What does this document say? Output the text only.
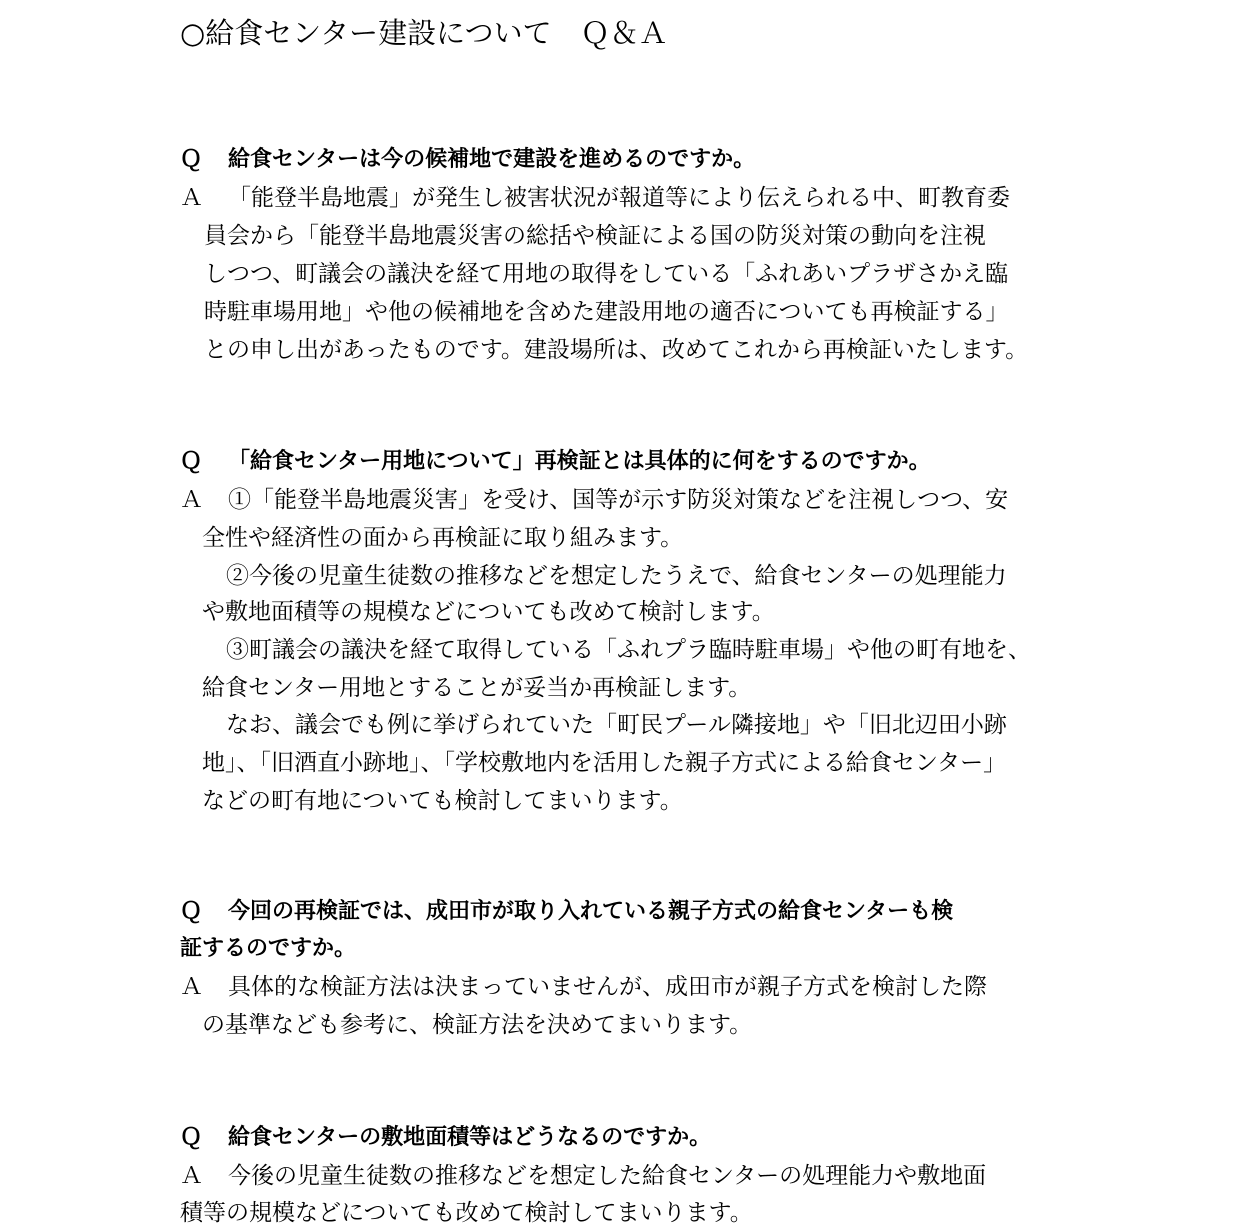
○給食センター建設について　Ｑ＆Ａ
Ｑ 給食センターは今の候補地で建設を進めるのですか。
Ａ 「能登半島地震」が発生し被害状況が報道等により伝えられる中、町教育委
員会から「能登半島地震災害の総括や検証による国の防災対策の動向を注視
しつつ、町議会の議決を経て用地の取得をしている「ふれあいプラザさかえ臨
時駐車場用地」や他の候補地を含めた建設用地の適否についても再検証する」
との申し出があったものです。建設場所は、改めてこれから再検証いたします。
Ｑ 「給食センター用地について」再検証とは具体的に何をするのですか。
Ａ ①「能登半島地震災害」を受け、国等が示す防災対策などを注視しつつ、安
全性や経済性の面から再検証に取り組みます。
②今後の児童生徒数の推移などを想定したうえで、給食センターの処理能力
や敷地面積等の規模などについても改めて検討します。
③町議会の議決を経て取得している「ふれプラ臨時駐車場」や他の町有地を、
給食センター用地とすることが妥当か再検証します。
なお、議会でも例に挙げられていた「町民プール隣接地」や「旧北辺田小跡
地」、「旧酒直小跡地」、「学校敷地内を活用した親子方式による給食センター」
などの町有地についても検討してまいります。
Ｑ 今回の再検証では、成田市が取り入れている親子方式の給食センターも検
証するのですか。
Ａ 具体的な検証方法は決まっていませんが、成田市が親子方式を検討した際
の基準なども参考に、検証方法を決めてまいります。
Ｑ 給食センターの敷地面積等はどうなるのですか。
Ａ 今後の児童生徒数の推移などを想定した給食センターの処理能力や敷地面
積等の規模などについても改めて検討してまいります。
